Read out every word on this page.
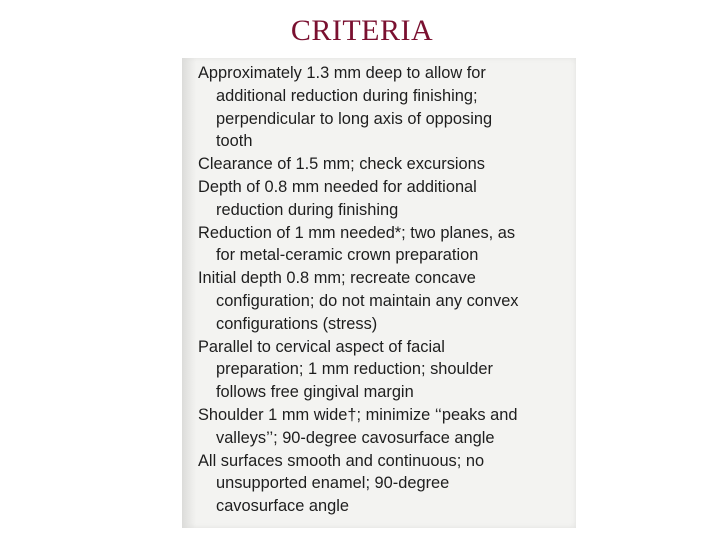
CRITERIA
Approximately 1.3 mm deep to allow for
additional reduction during finishing;
perpendicular to long axis of opposing
tooth
Clearance of 1.5 mm; check excursions
Depth of 0.8 mm needed for additional
reduction during finishing
Reduction of 1 mm needed*; two planes, as
for metal-ceramic crown preparation
Initial depth 0.8 mm; recreate concave
configuration; do not maintain any convex
configurations (stress)
Parallel to cervical aspect of facial
preparation; 1 mm reduction; shoulder
follows free gingival margin
Shoulder 1 mm wide†; minimize ‘‘peaks and
valleys’’; 90-degree cavosurface angle
All surfaces smooth and continuous; no
unsupported enamel; 90-degree
cavosurface angle
